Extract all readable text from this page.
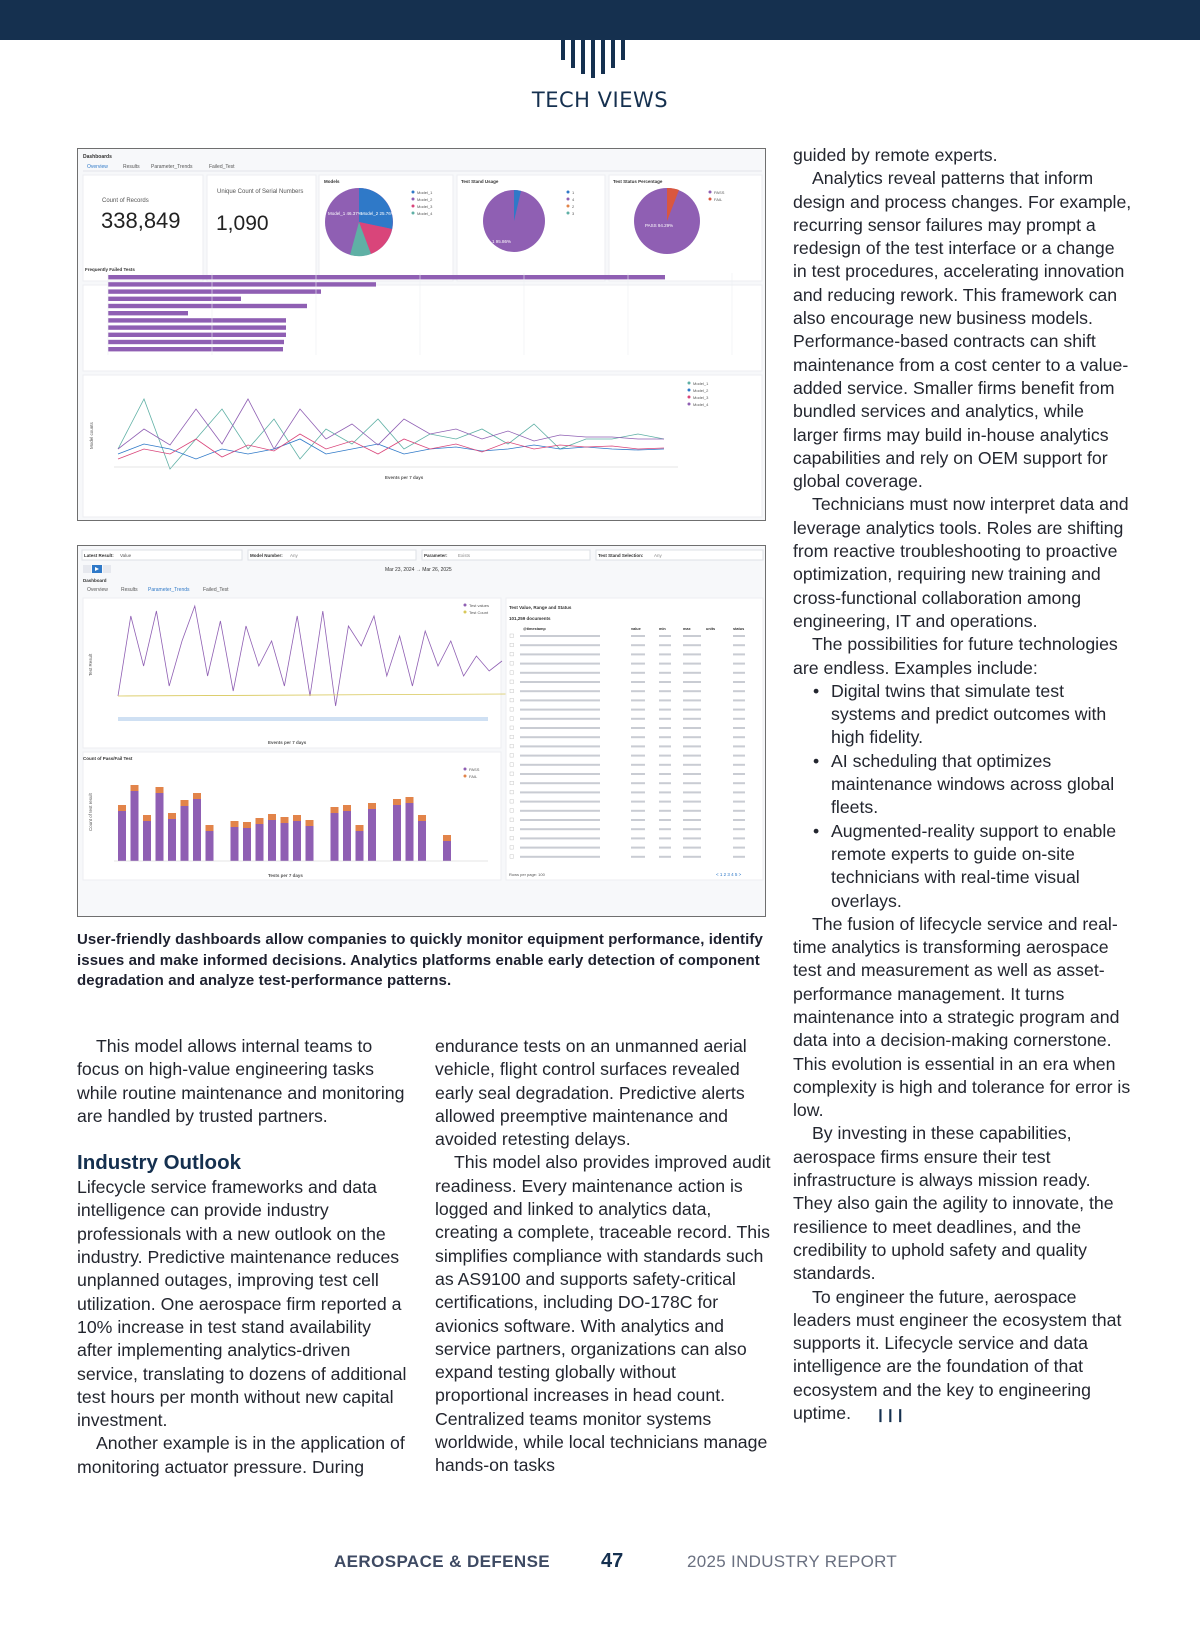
TECH VIEWS
Dashboards
Overview	Results Parameter_Trends	Failed_Test
Count of Records
338,849
Unique Count of Serial Numbers
1,090
Models
Model_1 46.37% Model_2 25.76%
Model_1
Model_2
Model_3
Model_4
Test Stand Usage
1 95.86%
1
4
2
3
Test Status Percentage
PASS 94.29%
PASS
FAIL
Frequently Failed Tests
Model counts
Events per 7 days
Model_1
Model_2
Model_3
Model_4
Latest Result: Value	Model Number: Any	Parameter: Exists	Test Stand Selection: Any
Mar 23, 2024 → Mar 26, 2025
Dashboard
Overview	Results Parameter_Trends	Failed_Test
Test Result
Events per 7 days
Test values
Test Count
Count of Pass/Fail Test
Count of test result
Tests per 7 days
PASS
FAIL
Test Value, Range and Status
101,259 documents
@timestamp	value	min	max	units	status
Rows per page: 100	< 1 2 3 4 5 >
User-friendly dashboards allow companies to quickly monitor equipment performance, identify issues and make informed decisions. Analytics platforms enable early detection of component degradation and analyze test-performance patterns.

This model allows internal teams to focus on high-value engineering tasks while routine maintenance and monitoring are handled by trusted partners.

Industry Outlook

Lifecycle service frameworks and data intelligence can provide industry professionals with a new outlook on the industry. Predictive maintenance reduces unplanned outages, improving test cell utilization. One aerospace firm reported a 10% increase in test stand availability after implementing analytics-driven service, translating to dozens of additional test hours per month without new capital investment.

Another example is in the application of monitoring actuator pressure. During

endurance tests on an unmanned aerial vehicle, flight control surfaces revealed early seal degradation. Predictive alerts allowed preemptive maintenance and avoided retesting delays.

This model also provides improved audit readiness. Every maintenance action is logged and linked to analytics data, creating a complete, traceable record. This simplifies compliance with standards such as AS9100 and supports safety-critical certifications, including DO-178C for avionics software. With analytics and service partners, organizations can also expand testing globally without proportional increases in head count. Centralized teams monitor systems worldwide, while local technicians manage hands-on tasks

guided by remote experts.

Analytics reveal patterns that inform design and process changes. For example, recurring sensor failures may prompt a redesign of the test interface or a change in test procedures, accelerating innovation and reducing rework. This framework can also encourage new business models. Performance-based contracts can shift maintenance from a cost center to a value-added service. Smaller firms benefit from bundled services and analytics, while larger firms may build in-house analytics capabilities and rely on OEM support for global coverage.

Technicians must now interpret data and leverage analytics tools. Roles are shifting from reactive troubleshooting to proactive optimization, requiring new training and cross-functional collaboration among engineering, IT and operations.

The possibilities for future technologies are endless. Examples include:

• Digital twins that simulate test systems and predict outcomes with high fidelity.
• AI scheduling that optimizes maintenance windows across global fleets.
• Augmented-reality support to enable remote experts to guide on-site technicians with real-time visual overlays.

The fusion of lifecycle service and real-time analytics is transforming aerospace test and measurement as well as asset-performance management. It turns maintenance into a strategic program and data into a decision-making cornerstone. This evolution is essential in an era when complexity is high and tolerance for error is low.

By investing in these capabilities, aerospace firms ensure their test infrastructure is always mission ready. They also gain the agility to innovate, the resilience to meet deadlines, and the credibility to uphold safety and quality standards.

To engineer the future, aerospace leaders must engineer the ecosystem that supports it. Lifecycle service and data intelligence are the foundation of that ecosystem and the key to engineering uptime. ❙❙❙

AEROSPACE & DEFENSE	47	2025 INDUSTRY REPORT
